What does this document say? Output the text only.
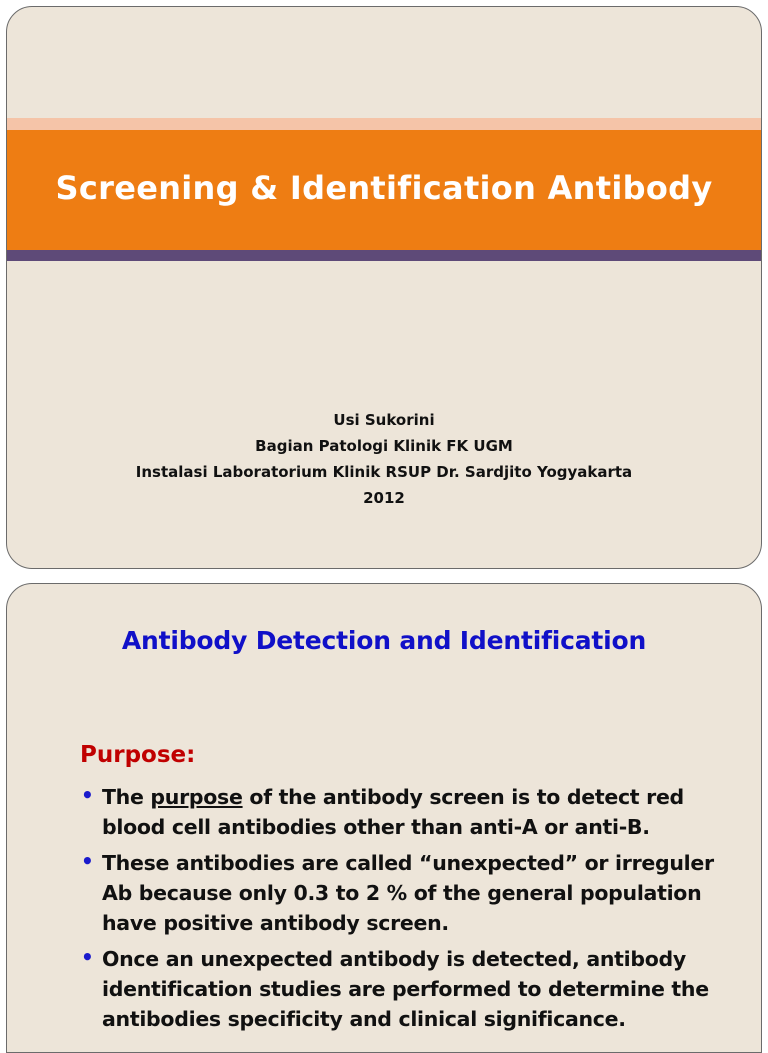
Screening & Identification Antibody
Usi Sukorini
Bagian Patologi Klinik FK UGM
Instalasi Laboratorium Klinik RSUP Dr. Sardjito Yogyakarta
2012
Antibody Detection and Identification
Purpose:
• The purpose of the antibody screen is to detect red blood cell antibodies other than anti-A or anti-B.
• These antibodies are called “unexpected” or irreguler Ab because only 0.3 to 2 % of the general population have positive antibody screen.
• Once an unexpected antibody is detected, antibody identification studies are performed to determine the antibodies specificity and clinical significance.
